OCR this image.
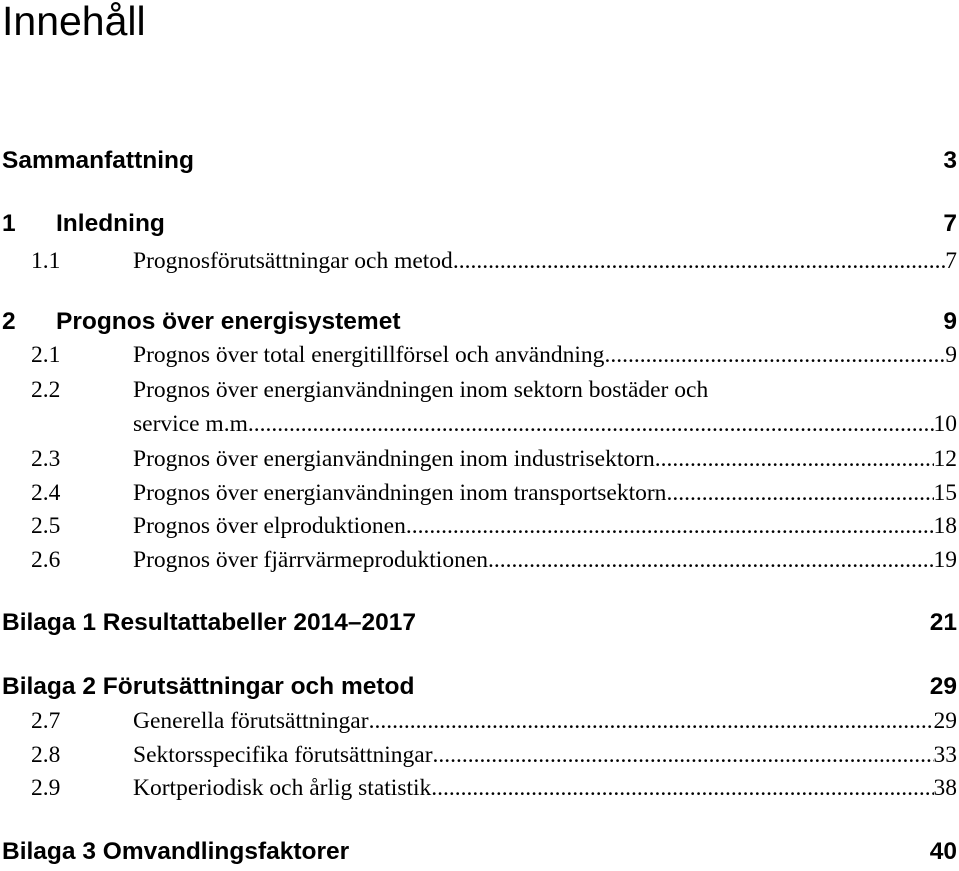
Innehåll
Sammanfattning	3
1 Inledning	7
1.1	Prognosförutsättningar och metod .....	7
2 Prognos över energisystemet	9
2.1	Prognos över total energitillförsel och användning .....	9
2.2	Prognos över energianvändningen inom sektorn bostäder och
service m.m. .....	10
2.3	Prognos över energianvändningen inom industrisektorn .....	12
2.4	Prognos över energianvändningen inom transportsektorn .....	15
2.5	Prognos över elproduktionen .....	18
2.6	Prognos över fjärrvärmeproduktionen .....	19
Bilaga 1 Resultattabeller 2014–2017	21
Bilaga 2 Förutsättningar och metod	29
2.7	Generella förutsättningar .....	29
2.8	Sektorsspecifika förutsättningar .....	33
2.9	Kortperiodisk och årlig statistik .....	38
Bilaga 3 Omvandlingsfaktorer	40
